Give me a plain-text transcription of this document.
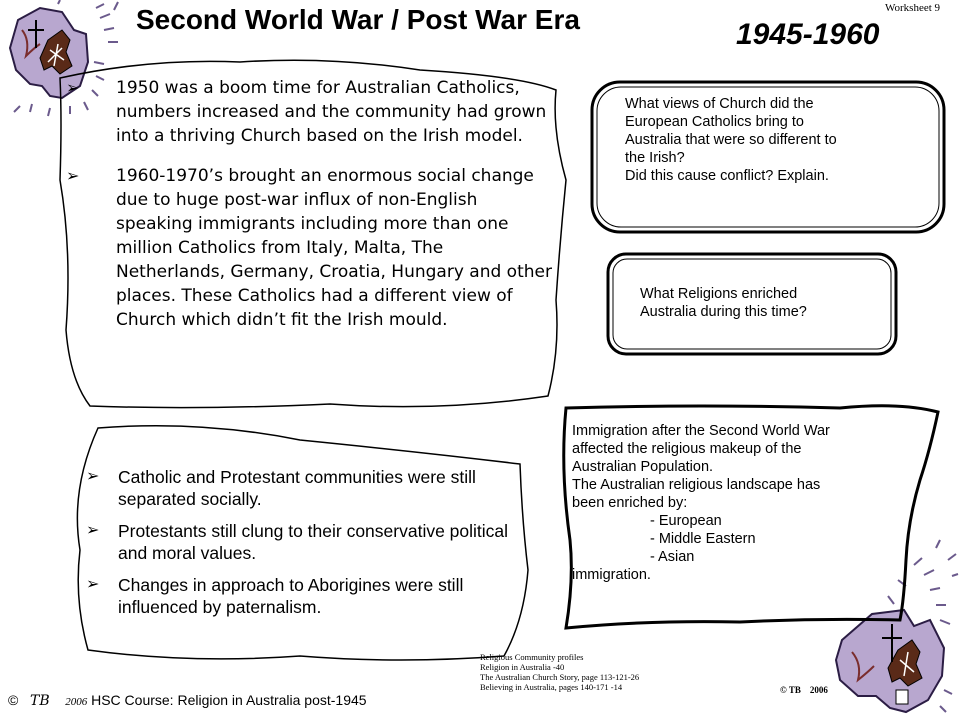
Second World War / Post War Era	1945-1960
Worksheet 9
➢ 1950 was a boom time for Australian Catholics, numbers increased and the community had grown into a thriving Church based on the Irish model.
➢ 1960-1970’s brought an enormous social change due to huge post-war influx of non-English speaking immigrants including more than one million Catholics from Italy, Malta, The Netherlands, Germany, Croatia, Hungary and other places. These Catholics had a different view of Church which didn’t fit the Irish mould.
➢ Catholic and Protestant communities were still separated socially.
➢ Protestants still clung to their conservative political and moral values.
➢ Changes in approach to Aborigines were still influenced by paternalism.
What views of Church did the
European Catholics bring to
Australia that were so different to
the Irish?
Did this cause conflict? Explain.
What Religions enriched
Australia during this time?
Immigration after the Second World War
affected the religious makeup of the
Australian Population.
The Australian religious landscape has
been enriched by:
- European
- Middle Eastern
- Asian
immigration.
Religious Community profiles
Religion in Australia -40
The Australian Church Story, page 113-121-26
Believing in Australia, pages 140-171 -14
© TB 2006 HSC Course: Religion in Australia post-1945
© TB 2006
